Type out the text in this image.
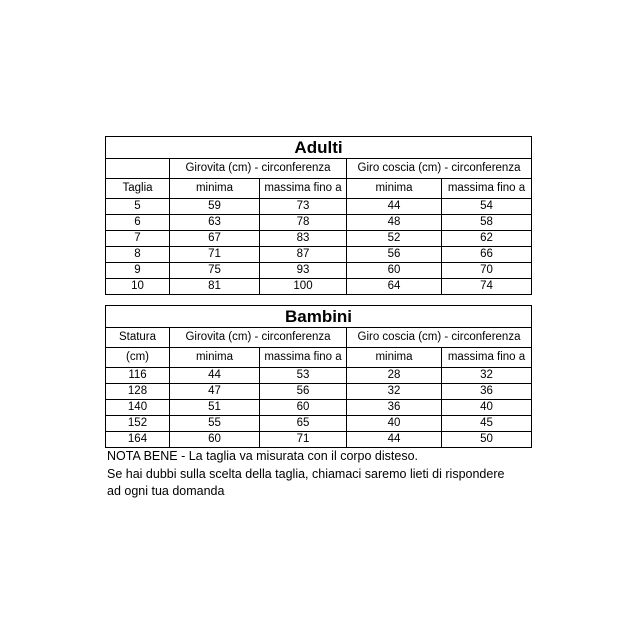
Adulti				
	Girovita (cm) - circonferenza		Giro coscia (cm) - circonferenza	
Taglia	minima	massima fino a	minima	massima fino a
5	59	73	44	54
6	63	78	48	58
7	67	83	52	62
8	71	87	56	66
9	75	93	60	70
10	81	100	64	74
Bambini				
Statura	Girovita (cm) - circonferenza		Giro coscia (cm) - circonferenza	
(cm)	minima	massima fino a	minima	massima fino a
116	44	53	28	32
128	47	56	32	36
140	51	60	36	40
152	55	65	40	45
164	60	71	44	50

NOTA BENE - La taglia va misurata con il corpo disteso.

Se hai dubbi sulla scelta della taglia, chiamaci saremo lieti di rispondere

ad ogni tua domanda
